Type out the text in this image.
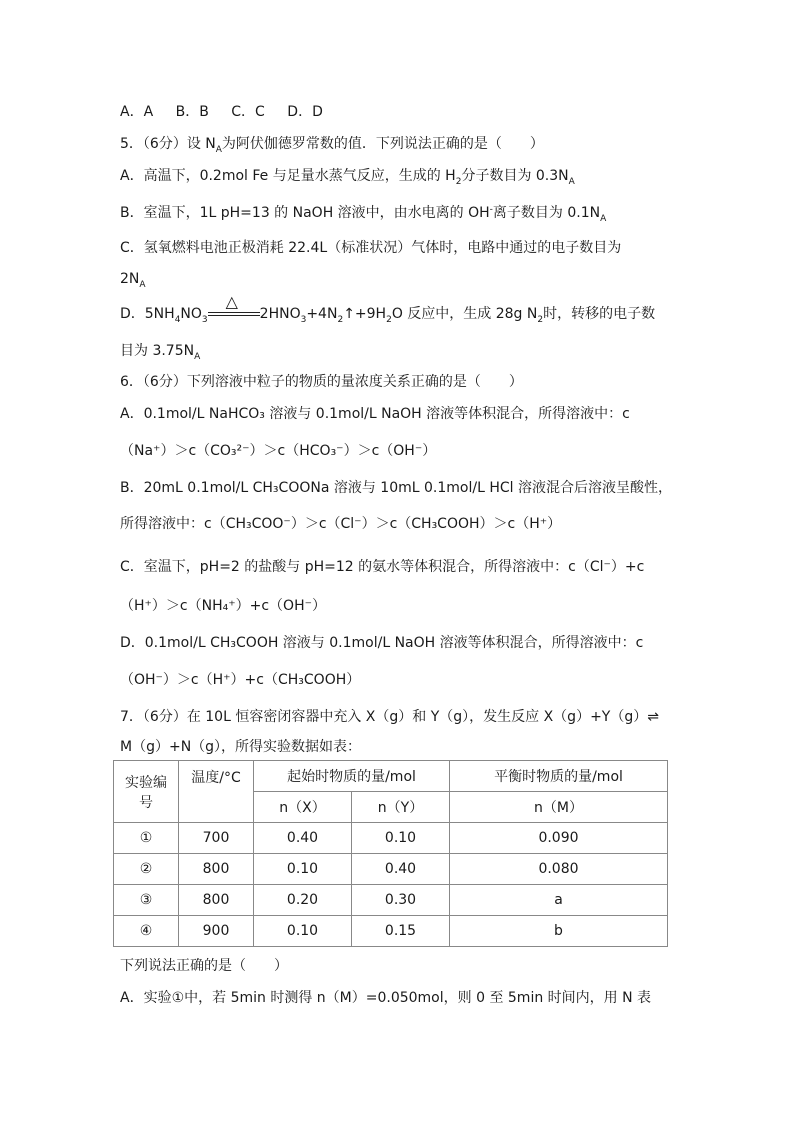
A．A B．B C．C D．D
5．（6分）设 $N_A$为阿伏伽德罗常数的值．下列说法正确的是（　　）
A．高温下，0.2mol Fe 与足量水蒸气反应，生成的 $H_2$分子数目为 $0.3N_A$
B．室温下，1L pH=13 的 NaOH 溶液中，由水电离的 OH-离子数目为 $0.1N_A$
C．氢氧燃料电池正极消耗 22.4L（标准状况）气体时，电路中通过的电子数目为
$2N_A$
D．$5NH_4NO_3$
△
$2HNO_3+4N_2↑+9H_2O$ 反应中，生成 28g $N_2$时，转移的电子数
目为 $3.75N_A$
6．（6分）下列溶液中粒子的物质的量浓度关系正确的是（　　）
A．0.1mol/L NaHCO₃ 溶液与 0.1mol/L NaOH 溶液等体积混合，所得溶液中：c
（Na⁺）＞c（CO₃²⁻）＞c（HCO₃⁻）＞c（OH⁻）
B．20mL 0.1mol/L CH₃COONa 溶液与 10mL 0.1mol/L HCl 溶液混合后溶液呈酸性，
所得溶液中：c（CH₃COO⁻）＞c（Cl⁻）＞c（CH₃COOH）＞c（H⁺）
C．室温下，pH=2 的盐酸与 pH=12 的氨水等体积混合，所得溶液中：c（Cl⁻）+c
（H⁺）＞c（NH₄⁺）+c（OH⁻）
D．0.1mol/L CH₃COOH 溶液与 0.1mol/L NaOH 溶液等体积混合，所得溶液中：c
（OH⁻）＞c（H⁺）+c（CH₃COOH）
7．（6分）在 10L 恒容密闭容器中充入 X（g）和 Y（g），发生反应 X（g）+Y（g）⇌
M（g）+N（g），所得实验数据如表：
实验编
号	温度/°C	起始时物质的量/mol		平衡时物质的量/mol
		n（X）	n（Y）	n（M）
①	700	0.40	0.10	0.090
②	800	0.10	0.40	0.080
③	800	0.20	0.30	a
④	900	0.10	0.15	b
下列说法正确的是（　　）
A．实验①中，若 5min 时测得 n（M）=0.050mol，则 0 至 5min 时间内，用 N 表
